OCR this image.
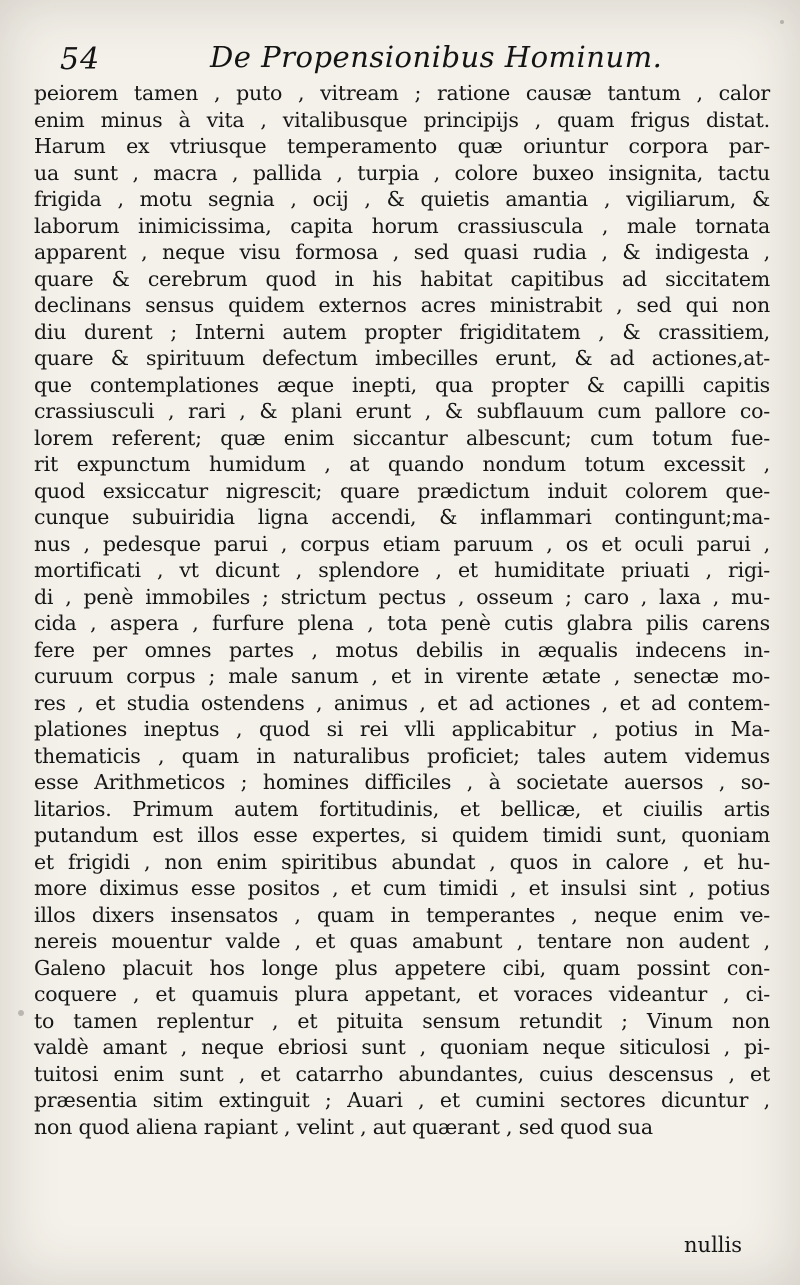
54	De Propensionibus Hominum.
peiorem tamen , puto , vitream ; ratione causæ tantum , calor
enim minus à vita , vitalibusque principijs , quam frigus distat.
Harum ex vtriusque temperamento quæ oriuntur corpora par-
ua sunt , macra , pallida , turpia , colore buxeo insignita, tactu
frigida , motu segnia , ocij , & quietis amantia , vigiliarum, &
laborum inimicissima, capita horum crassiuscula , male tornata
apparent , neque visu formosa , sed quasi rudia , & indigesta ,
quare & cerebrum quod in his habitat capitibus ad siccitatem
declinans sensus quidem externos acres ministrabit , sed qui non
diu durent ; Interni autem propter frigiditatem , & crassitiem,
quare & spirituum defectum imbecilles erunt, & ad actiones,at-
que contemplationes æque inepti, qua propter & capilli capitis
crassiusculi , rari , & plani erunt , & subflauum cum pallore co-
lorem referent; quæ enim siccantur albescunt; cum totum fue-
rit expunctum humidum , at quando nondum totum excessit ,
quod exsiccatur nigrescit; quare prædictum induit colorem que-
cunque subuiridia ligna accendi, & inflammari contingunt;ma-
nus , pedesque parui , corpus etiam paruum , os et oculi parui ,
mortificati , vt dicunt , splendore , et humiditate priuati , rigi-
di , penè immobiles ; strictum pectus , osseum ; caro , laxa , mu-
cida , aspera , furfure plena , tota penè cutis glabra pilis carens
fere per omnes partes , motus debilis in æqualis indecens in-
curuum corpus ; male sanum , et in virente ætate , senectæ mo-
res , et studia ostendens , animus , et ad actiones , et ad contem-
plationes ineptus , quod si rei vlli applicabitur , potius in Ma-
thematicis , quam in naturalibus proficiet; tales autem videmus
esse Arithmeticos ; homines difficiles , à societate auersos , so-
litarios. Primum autem fortitudinis, et bellicæ, et ciuilis artis
putandum est illos esse expertes, si quidem timidi sunt, quoniam
et frigidi , non enim spiritibus abundat , quos in calore , et hu-
more diximus esse positos , et cum timidi , et insulsi sint , potius
illos dixers insensatos , quam in temperantes , neque enim ve-
nereis mouentur valde , et quas amabunt , tentare non audent ,
Galeno placuit hos longe plus appetere cibi, quam possint con-
coquere , et quamuis plura appetant, et voraces videantur , ci-
to tamen replentur , et pituita sensum retundit ; Vinum non
valdè amant , neque ebriosi sunt , quoniam neque siticulosi , pi-
tuitosi enim sunt , et catarrho abundantes, cuius descensus , et
præsentia sitim extinguit ; Auari , et cumini sectores dicuntur ,
non quod aliena rapiant , velint , aut quærant , sed quod sua
nullis
